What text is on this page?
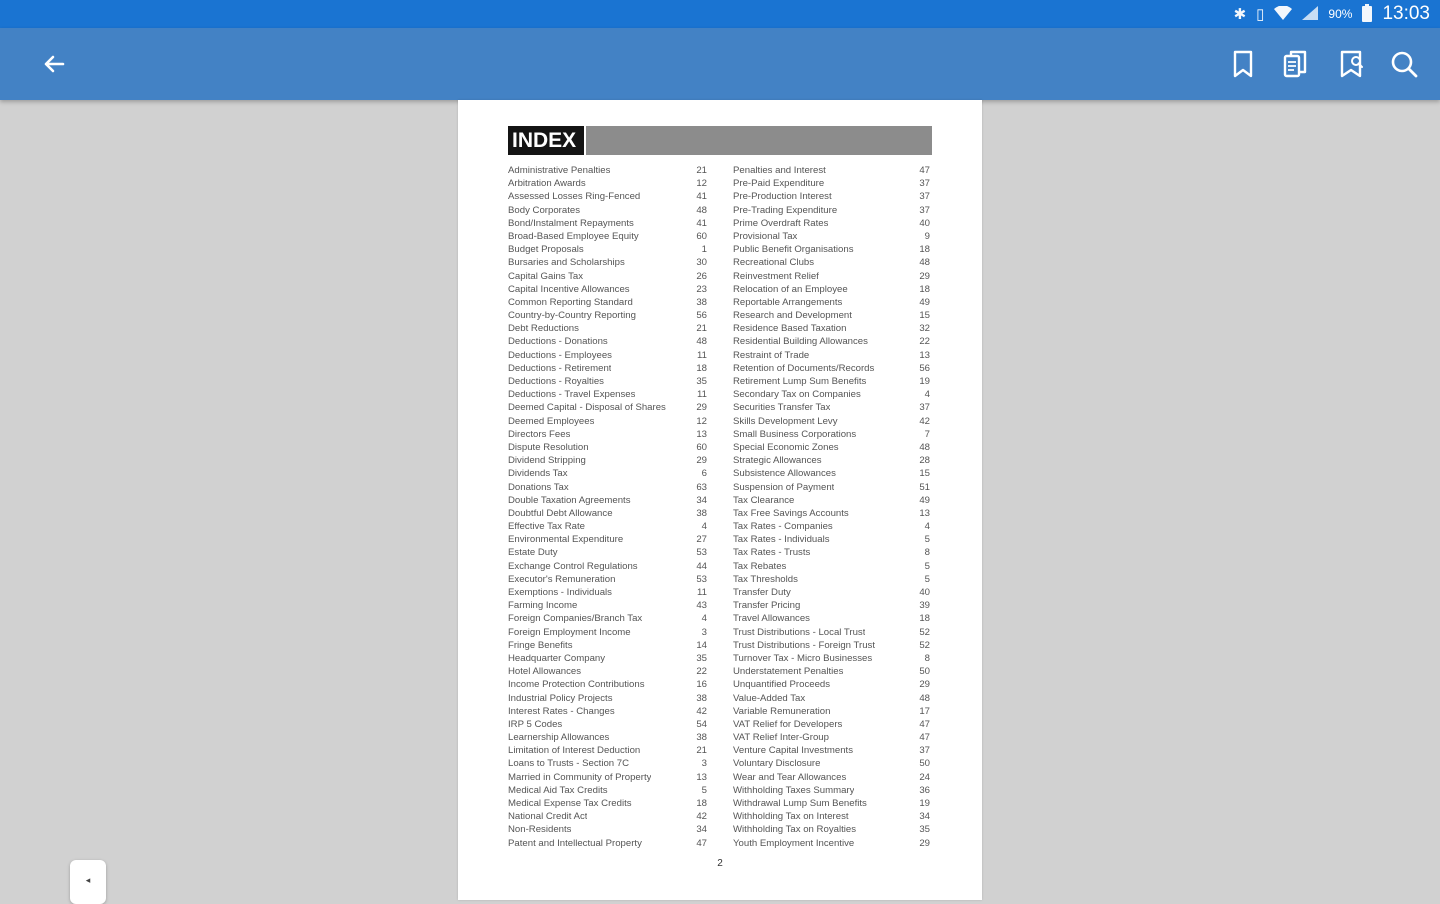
✱ ▯	90% 13:03
INDEX
Administrative Penalties	21
Arbitration Awards	12
Assessed Losses Ring-Fenced	41
Body Corporates	48
Bond/Instalment Repayments	41
Broad-Based Employee Equity	60
Budget Proposals	1
Bursaries and Scholarships	30
Capital Gains Tax	26
Capital Incentive Allowances	23
Common Reporting Standard	38
Country-by-Country Reporting	56
Debt Reductions	21
Deductions - Donations	48
Deductions - Employees	11
Deductions - Retirement	18
Deductions - Royalties	35
Deductions - Travel Expenses	11
Deemed Capital - Disposal of Shares	29
Deemed Employees	12
Directors Fees	13
Dispute Resolution	60
Dividend Stripping	29
Dividends Tax	6
Donations Tax	63
Double Taxation Agreements	34
Doubtful Debt Allowance	38
Effective Tax Rate	4
Environmental Expenditure	27
Estate Duty	53
Exchange Control Regulations	44
Executor's Remuneration	53
Exemptions - Individuals	11
Farming Income	43
Foreign Companies/Branch Tax	4
Foreign Employment Income	3
Fringe Benefits	14
Headquarter Company	35
Hotel Allowances	22
Income Protection Contributions	16
Industrial Policy Projects	38
Interest Rates - Changes	42
IRP 5 Codes	54
Learnership Allowances	38
Limitation of Interest Deduction	21
Loans to Trusts - Section 7C	3
Married in Community of Property	13
Medical Aid Tax Credits	5
Medical Expense Tax Credits	18
National Credit Act	42
Non-Residents	34
Patent and Intellectual Property	47
Penalties and Interest	47
Pre-Paid Expenditure	37
Pre-Production Interest	37
Pre-Trading Expenditure	37
Prime Overdraft Rates	40
Provisional Tax	9
Public Benefit Organisations	18
Recreational Clubs	48
Reinvestment Relief	29
Relocation of an Employee	18
Reportable Arrangements	49
Research and Development	15
Residence Based Taxation	32
Residential Building Allowances	22
Restraint of Trade	13
Retention of Documents/Records	56
Retirement Lump Sum Benefits	19
Secondary Tax on Companies	4
Securities Transfer Tax	37
Skills Development Levy	42
Small Business Corporations	7
Special Economic Zones	48
Strategic Allowances	28
Subsistence Allowances	15
Suspension of Payment	51
Tax Clearance	49
Tax Free Savings Accounts	13
Tax Rates - Companies	4
Tax Rates - Individuals	5
Tax Rates - Trusts	8
Tax Rebates	5
Tax Thresholds	5
Transfer Duty	40
Transfer Pricing	39
Travel Allowances	18
Trust Distributions - Local Trust	52
Trust Distributions - Foreign Trust	52
Turnover Tax - Micro Businesses	8
Understatement Penalties	50
Unquantified Proceeds	29
Value-Added Tax	48
Variable Remuneration	17
VAT Relief for Developers	47
VAT Relief Inter-Group	47
Venture Capital Investments	37
Voluntary Disclosure	50
Wear and Tear Allowances	24
Withholding Taxes Summary	36
Withdrawal Lump Sum Benefits	19
Withholding Tax on Interest	34
Withholding Tax on Royalties	35
Youth Employment Incentive	29
2
◂
